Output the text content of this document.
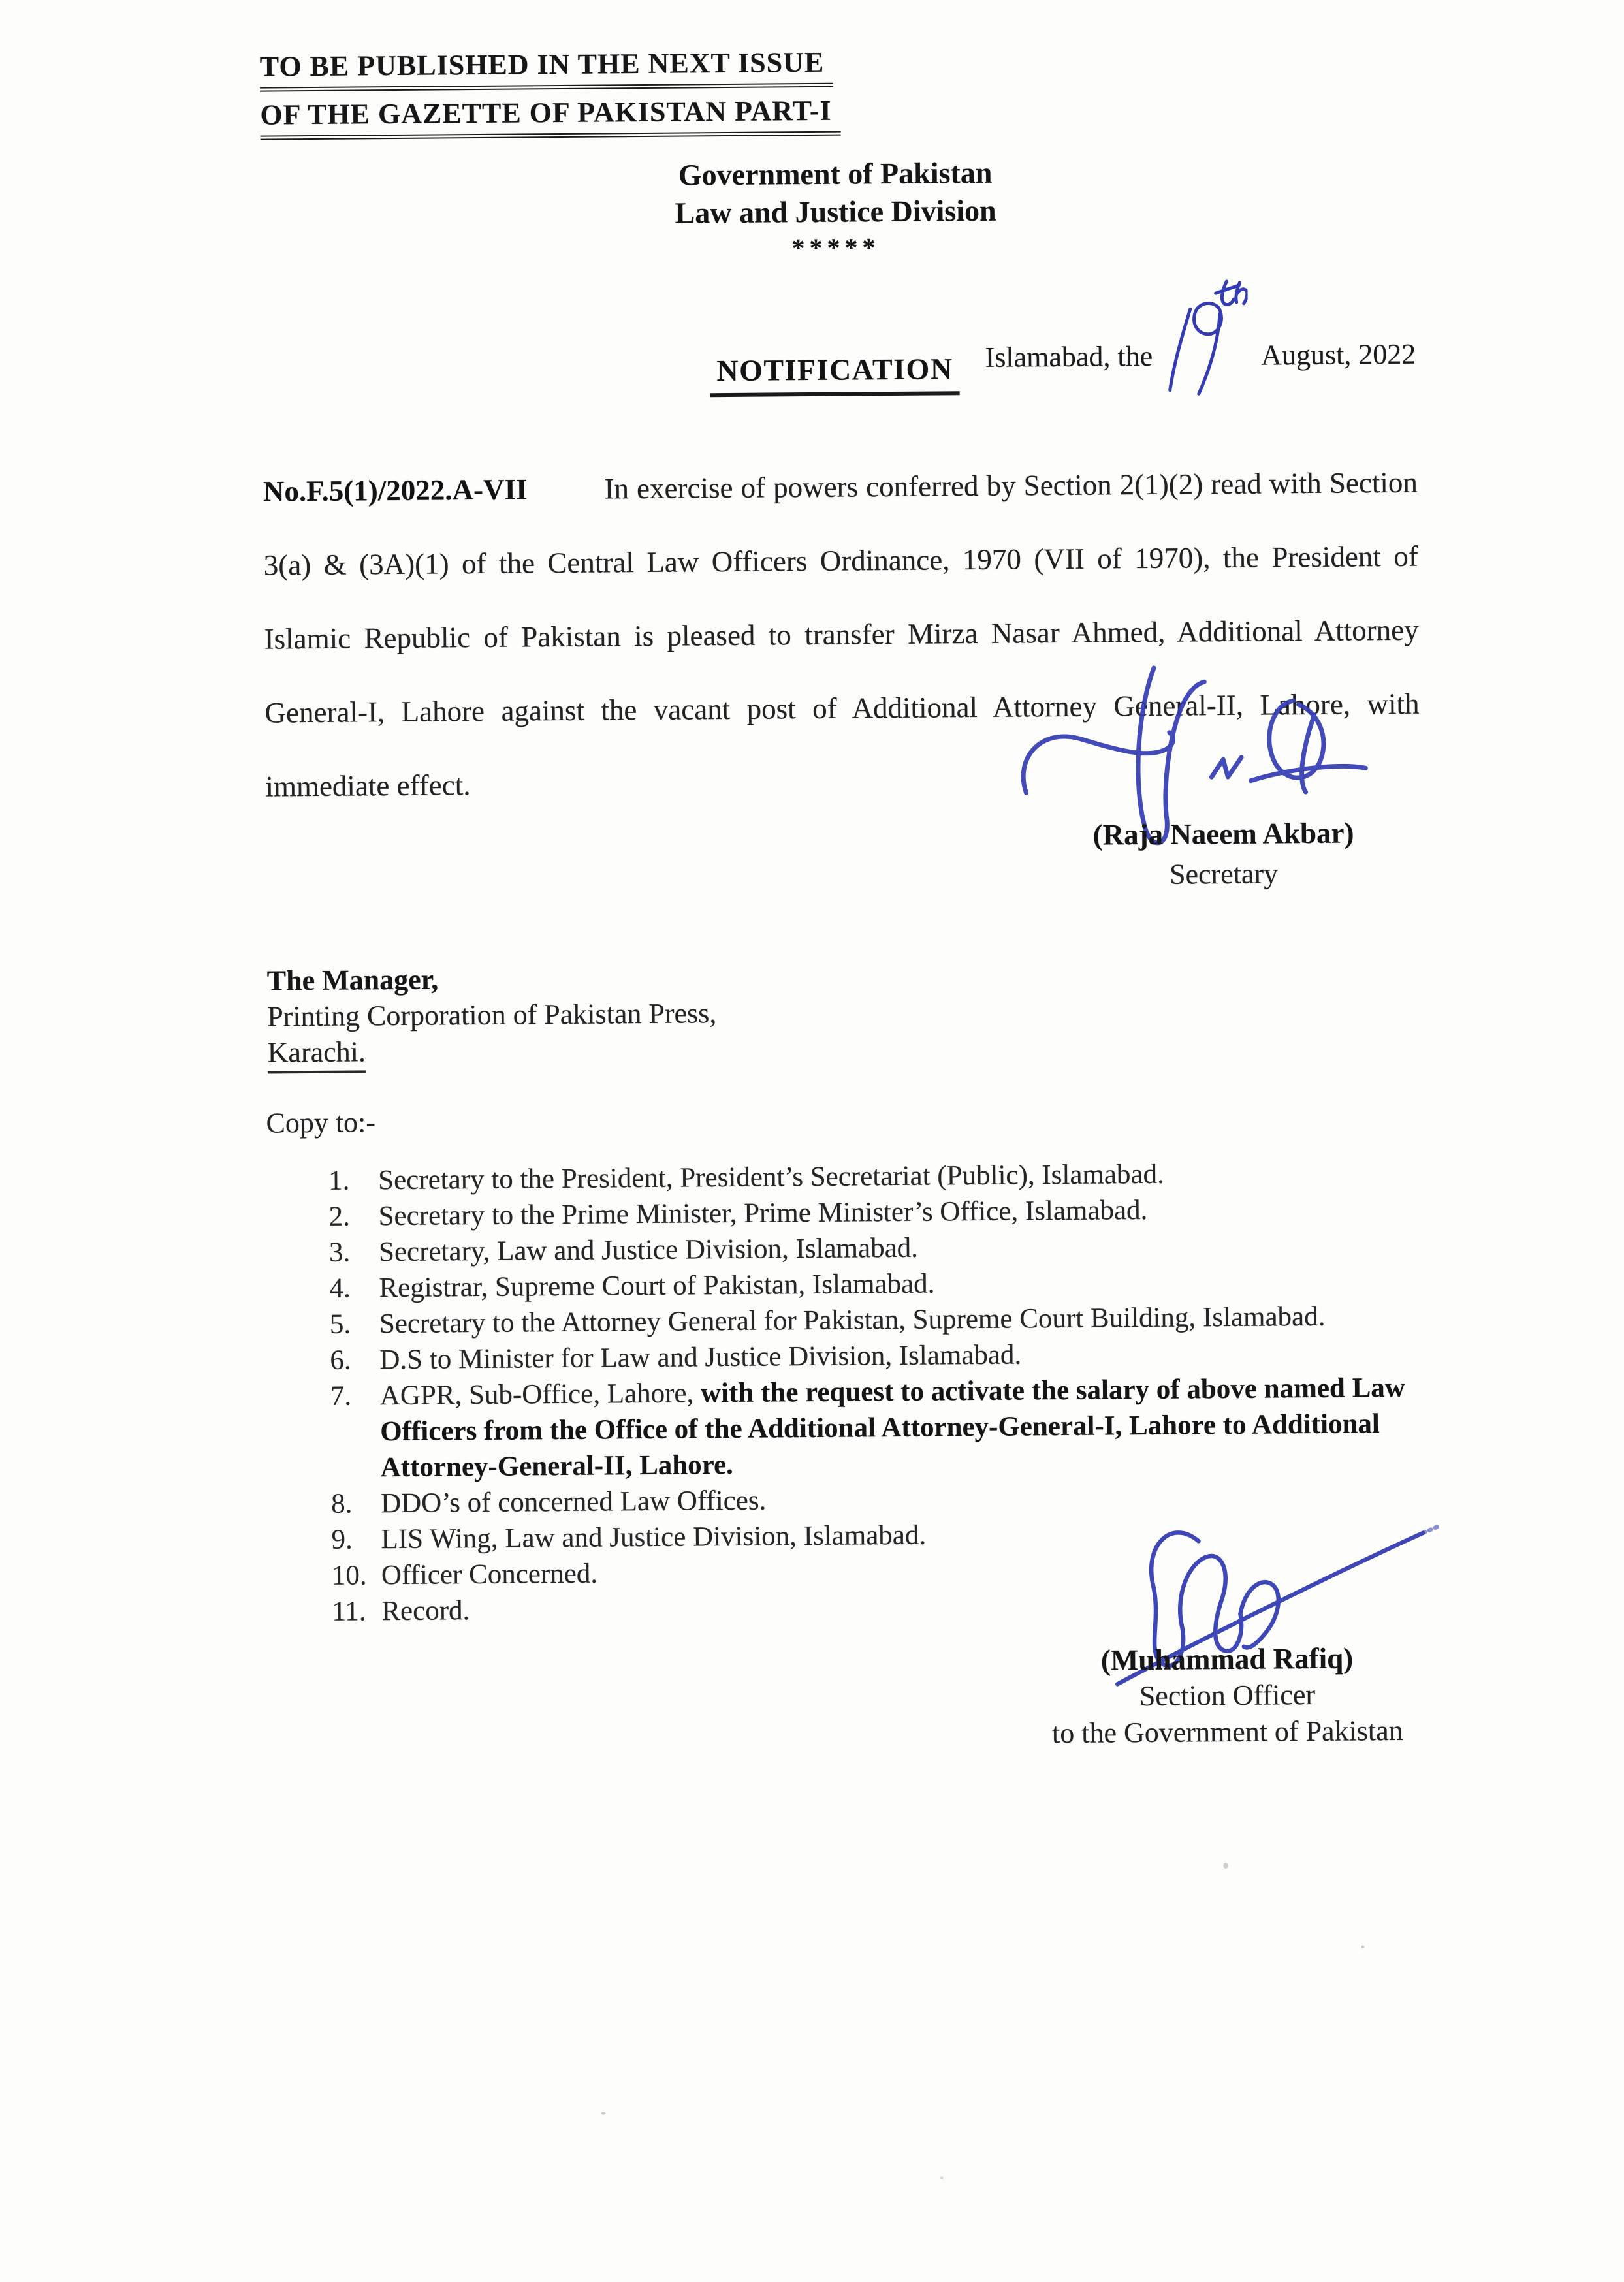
TO BE PUBLISHED IN THE NEXT ISSUE
OF THE GAZETTE OF PAKISTAN PART-I
Government of Pakistan
Law and Justice Division
*****
Islamabad, the	August, 2022
NOTIFICATION

No.F.5(1)/2022.A-VII	In exercise of powers conferred by Section 2(1)(2) read with Section 3(a) & (3A)(1) of the Central Law Officers Ordinance, 1970 (VII of 1970), the President of Islamic Republic of Pakistan is pleased to transfer Mirza Nasar Ahmed, Additional Attorney General-I, Lahore against the vacant post of Additional Attorney General-II, Lahore, with immediate effect.

(Raja Naeem Akbar)
Secretary
The Manager,
Printing Corporation of Pakistan Press,
Karachi.
Copy to:-
1.	Secretary to the President, President’s Secretariat (Public), Islamabad.
2.	Secretary to the Prime Minister, Prime Minister’s Office, Islamabad.
3.	Secretary, Law and Justice Division, Islamabad.
4.	Registrar, Supreme Court of Pakistan, Islamabad.
5.	Secretary to the Attorney General for Pakistan, Supreme Court Building, Islamabad.
6.	D.S to Minister for Law and Justice Division, Islamabad.
7.	AGPR, Sub-Office, Lahore, with the request to activate the salary of above named Law Officers from the Office of the Additional Attorney-General-I, Lahore to Additional Attorney-General-II, Lahore.
8.	DDO’s of concerned Law Offices.
9.	LIS Wing, Law and Justice Division, Islamabad.
10. Officer Concerned.
11. Record.
(Muhammad Rafiq)
Section Officer
to the Government of Pakistan
